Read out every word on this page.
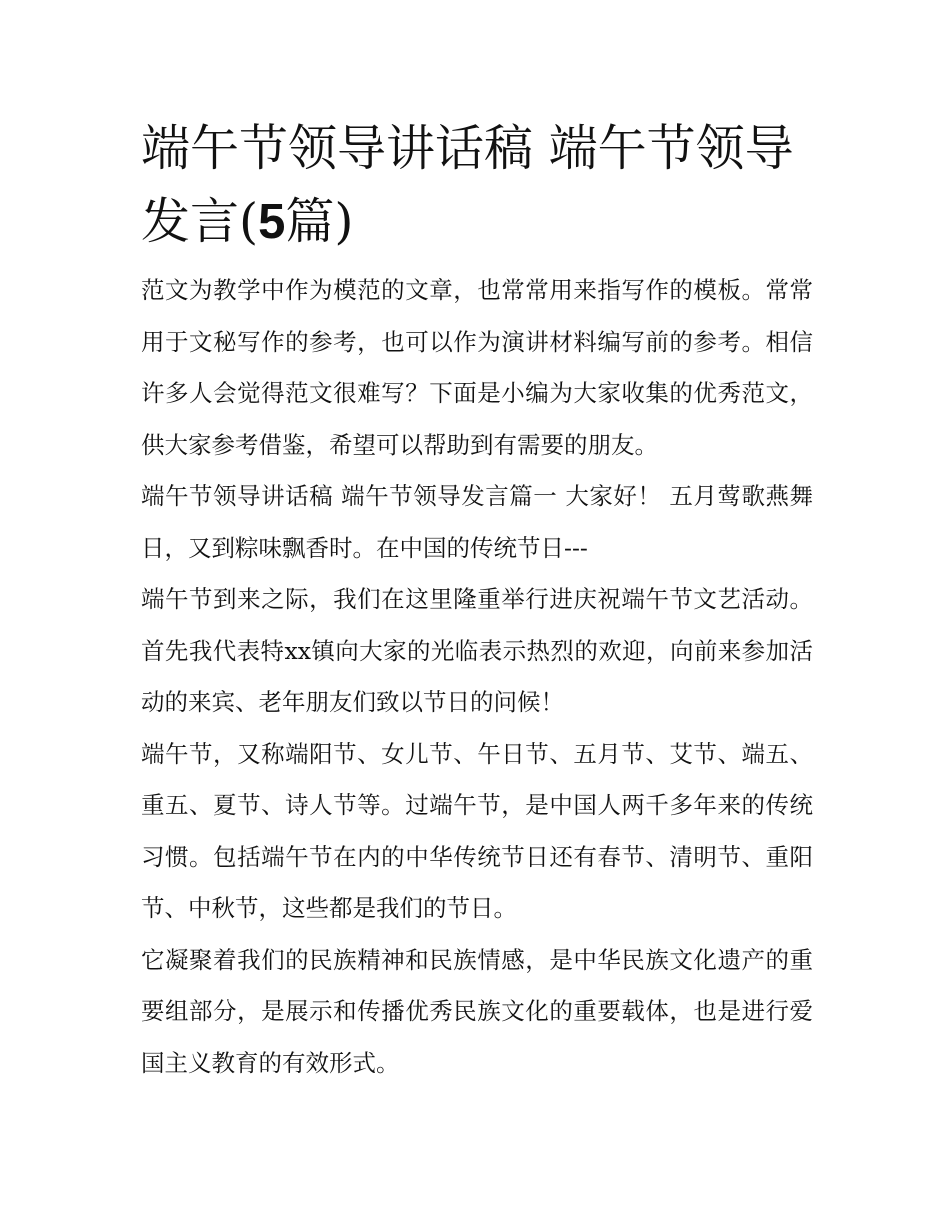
端午节领导讲话稿 端午节领导发言(5篇)

范文为教学中作为模范的文章，也常常用来指写作的模板。常常用于文秘写作的参考，也可以作为演讲材料编写前的参考。相信许多人会觉得范文很难写？下面是小编为大家收集的优秀范文，供大家参考借鉴，希望可以帮助到有需要的朋友。

端午节领导讲话稿 端午节领导发言篇一 大家好！ 五月莺歌燕舞日，又到粽味飘香时。在中国的传统节日---

端午节到来之际，我们在这里隆重举行进庆祝端午节文艺活动。 首先我代表特xx镇向大家的光临表示热烈的欢迎，向前来参加活动的来宾、老年朋友们致以节日的问候！

端午节，又称端阳节、女儿节、午日节、五月节、艾节、端五、重五、夏节、诗人节等。过端午节，是中国人两千多年来的传统习惯。包括端午节在内的中华传统节日还有春节、清明节、重阳节、中秋节，这些都是我们的节日。

它凝聚着我们的民族精神和民族情感，是中华民族文化遗产的重要组部分，是展示和传播优秀民族文化的重要载体，也是进行爱国主义教育的有效形式。
